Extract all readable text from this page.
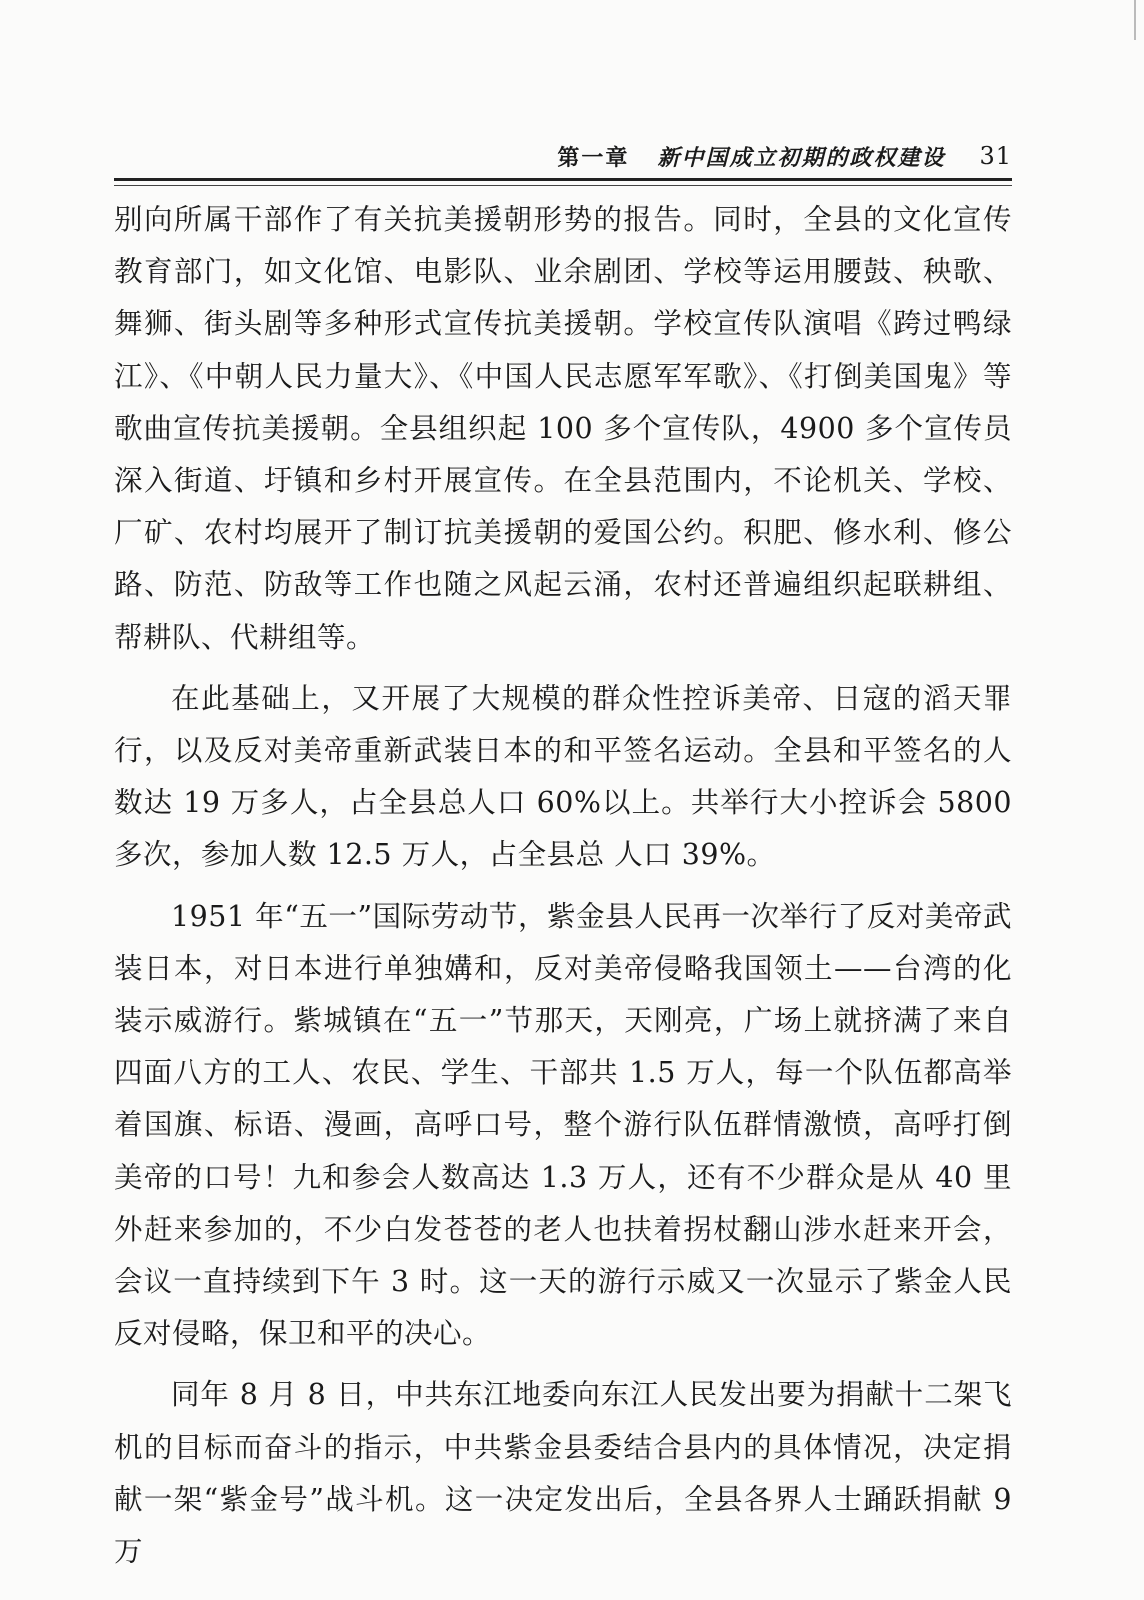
第一章 新中国成立初期的政权建设 31

别向所属干部作了有关抗美援朝形势的报告。同时，全县的文化宣传教育部门，如文化馆、电影队、业余剧团、学校等运用腰鼓、秧歌、舞狮、街头剧等多种形式宣传抗美援朝。学校宣传队演唱《跨过鸭绿江》、《中朝人民力量大》、《中国人民志愿军军歌》、《打倒美国鬼》等歌曲宣传抗美援朝。全县组织起 100 多个宣传队，4900 多个宣传员深入街道、圩镇和乡村开展宣传。在全县范围内，不论机关、学校、厂矿、农村均展开了制订抗美援朝的爱国公约。积肥、修水利、修公路、防范、防敌等工作也随之风起云涌，农村还普遍组织起联耕组、帮耕队、代耕组等。

在此基础上，又开展了大规模的群众性控诉美帝、日寇的滔天罪行，以及反对美帝重新武装日本的和平签名运动。全县和平签名的人数达 19 万多人，占全县总人口 60%以上。共举行大小控诉会 5800 多次，参加人数 12.5 万人，占全县总 人口 39%。

1951 年“五一”国际劳动节，紫金县人民再一次举行了反对美帝武装日本，对日本进行单独媾和，反对美帝侵略我国领土——台湾的化装示威游行。紫城镇在“五一”节那天，天刚亮，广场上就挤满了来自四面八方的工人、农民、学生、干部共 1.5 万人，每一个队伍都高举着国旗、标语、漫画，高呼口号，整个游行队伍群情激愤，高呼打倒美帝的口号！九和参会人数高达 1.3 万人，还有不少群众是从 40 里外赶来参加的，不少白发苍苍的老人也扶着拐杖翻山涉水赶来开会，会议一直持续到下午 3 时。这一天的游行示威又一次显示了紫金人民反对侵略，保卫和平的决心。

同年 8 月 8 日，中共东江地委向东江人民发出要为捐献十二架飞机的目标而奋斗的指示，中共紫金县委结合县内的具体情况，决定捐献一架“紫金号”战斗机。这一决定发出后，全县各界人士踊跃捐献 9 万
